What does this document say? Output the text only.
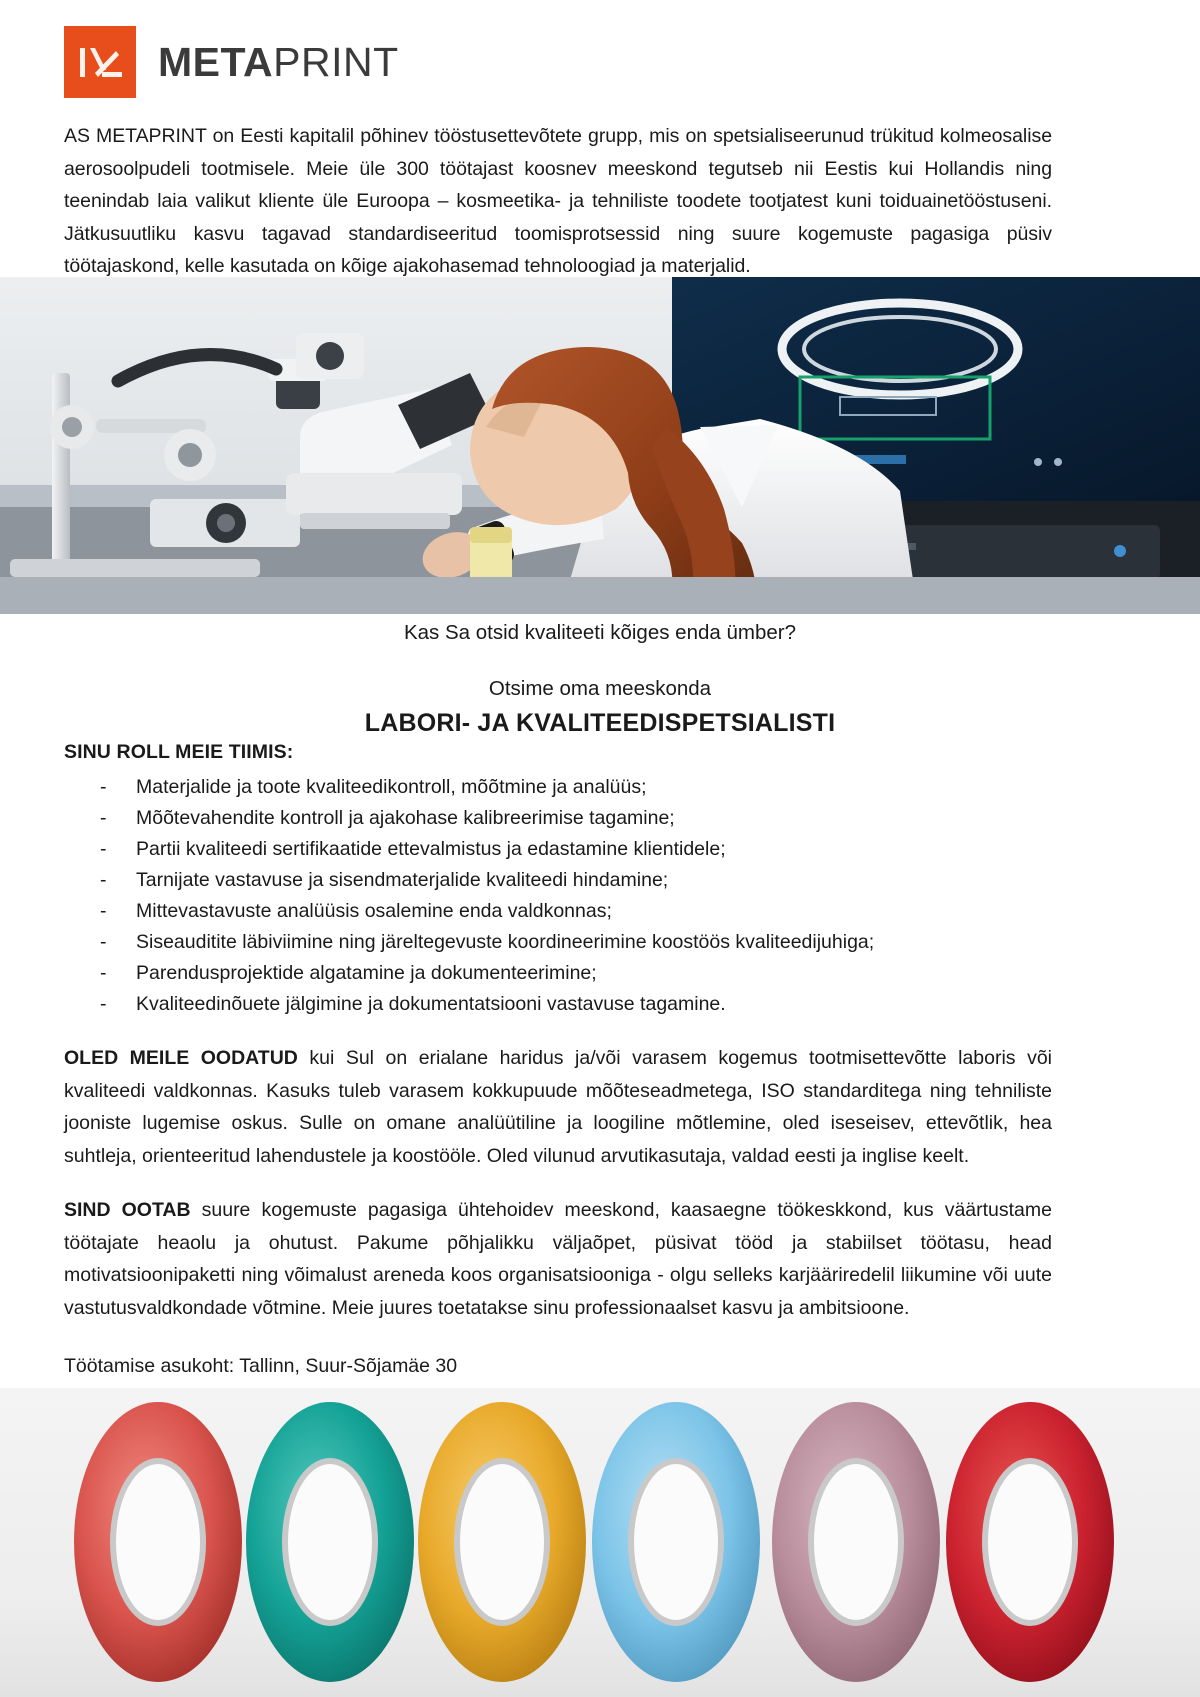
METAPRINT

AS METAPRINT on Eesti kapitalil põhinev tööstusettevõtete grupp, mis on spetsialiseerunud trükitud kolmeosalise aerosoolpudeli tootmisele. Meie üle 300 töötajast koosnev meeskond tegutseb nii Eestis kui Hollandis ning teenindab laia valikut kliente üle Euroopa – kosmeetika- ja tehniliste toodete tootjatest kuni toiduainetööstuseni. Jätkusuutliku kasvu tagavad standardiseeritud toomisprotsessid ning suure kogemuste pagasiga püsiv töötajaskond, kelle kasutada on kõige ajakohasemad tehnoloogiad ja materjalid.

Kas Sa otsid kvaliteeti kõiges enda ümber?

Otsime oma meeskonda

LABORI- JA KVALITEEDISPETSIALISTI

SINU ROLL MEIE TIIMIS:
- Materjalide ja toote kvaliteedikontroll, mõõtmine ja analüüs;
- Mõõtevahendite kontroll ja ajakohase kalibreerimise tagamine;
- Partii kvaliteedi sertifikaatide ettevalmistus ja edastamine klientidele;
- Tarnijate vastavuse ja sisendmaterjalide kvaliteedi hindamine;
- Mittevastavuste analüüsis osalemine enda valdkonnas;
- Siseauditite läbiviimine ning järeltegevuste koordineerimine koostöös kvaliteedijuhiga;
- Parendusprojektide algatamine ja dokumenteerimine;
- Kvaliteedinõuete jälgimine ja dokumentatsiooni vastavuse tagamine.

OLED MEILE OODATUD kui Sul on erialane haridus ja/või varasem kogemus tootmisettevõtte laboris või kvaliteedi valdkonnas. Kasuks tuleb varasem kokkupuude mõõteseadmetega, ISO standarditega ning tehniliste jooniste lugemise oskus. Sulle on omane analüütiline ja loogiline mõtlemine, oled iseseisev, ettevõtlik, hea suhtleja, orienteeritud lahendustele ja koostööle. Oled vilunud arvutikasutaja, valdad eesti ja inglise keelt.

SIND OOTAB suure kogemuste pagasiga ühtehoidev meeskond, kaasaegne töökeskkond, kus väärtustame töötajate heaolu ja ohutust. Pakume põhjalikku väljaõpet, püsivat tööd ja stabiilset töötasu, head motivatsioonipaketti ning võimalust areneda koos organisatsiooniga - olgu selleks karjääriredelil liikumine või uute vastutusvaldkondade võtmine. Meie juures toetatakse sinu professionaalset kasvu ja ambitsioone.

Töötamise asukoht: Tallinn, Suur-Sõjamäe 30
